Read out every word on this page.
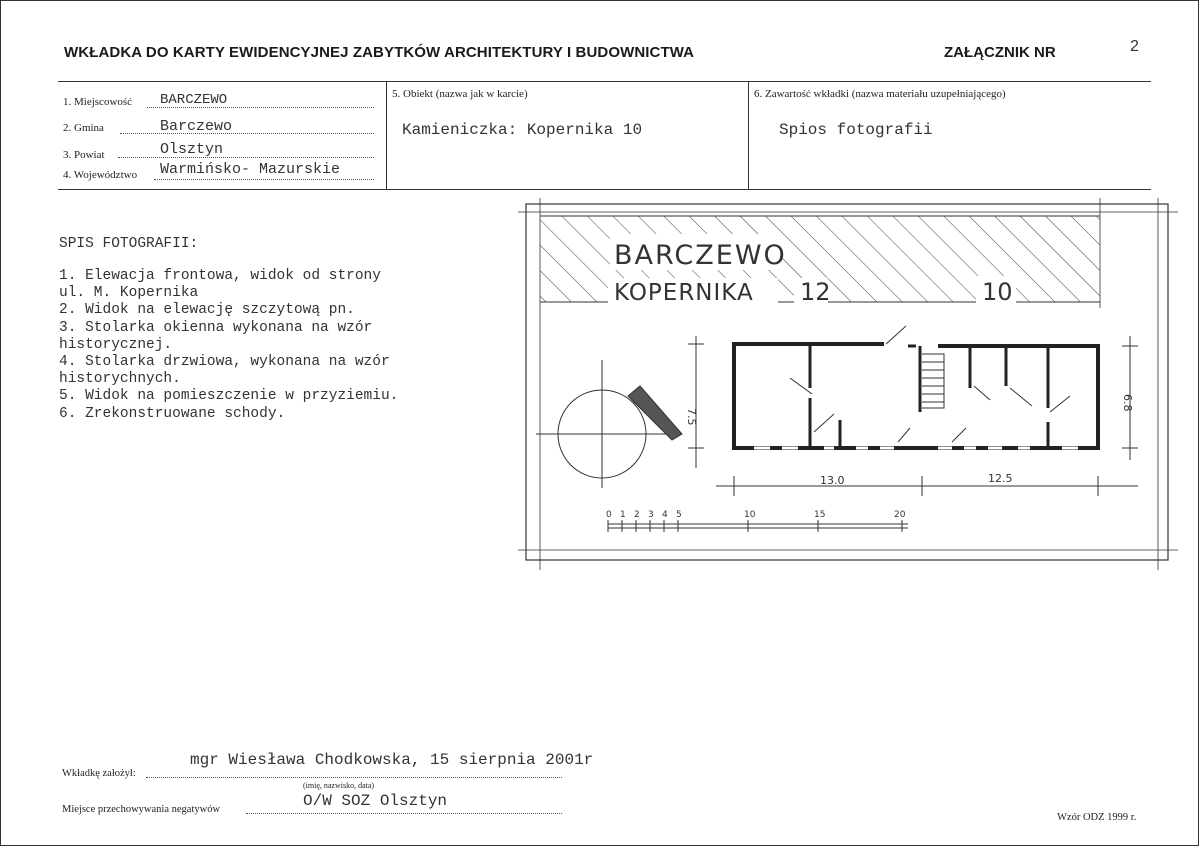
WKŁADKA DO KARTY EWIDENCYJNEJ ZABYTKÓW ARCHITEKTURY I BUDOWNICTWA	ZAŁĄCZNIK NR	2
1. Miejscowość BARCZEWO
2. Gmina	Barczewo
3. Powiat	Olsztyn
4. Województwo Warmińsko- Mazurskie
5. Obiekt (nazwa jak w karcie)
Kamieniczka: Kopernika 10
6. Zawartość wkładki (nazwa materiału uzupełniającego)
Spios fotografii
SPIS FOTOGRAFII:
1. Elewacja frontowa, widok od strony
ul. M. Kopernika
2. Widok na elewację szczytową pn.
3. Stolarka okienna wykonana na wzór
historycznej.
4. Stolarka drzwiowa, wykonana na wzór
historychnych.
5. Widok na pomieszczenie w przyziemiu.
6. Zrekonstruowane schody.
BARCZEWO
KOPERNIKA 12	10
7.5
6.8
13.0	12.5
0 1 2 3 4 5	10	15	20
mgr Wiesława Chodkowska, 15 sierpnia 2001r
Wkładkę założył:
(imię, nazwisko, data)
O/W SOZ Olsztyn
Miejsce przechowywania negatywów
Wzór ODZ 1999 r.
